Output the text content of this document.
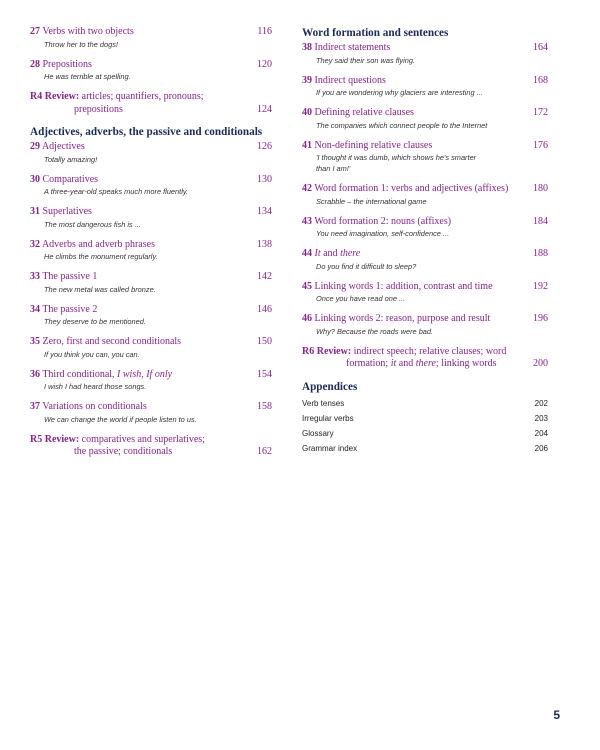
27 Verbs with two objects	116
Throw her to the dogs!
28 Prepositions	120
He was terrible at spelling.
R4 Review: articles; quantifiers, pronouns;
prepositions	124
Adjectives, adverbs, the passive and conditionals
29 Adjectives	126
Totally amazing!
30 Comparatives	130
A three-year-old speaks much more fluently.
31 Superlatives	134
The most dangerous fish is ...
32 Adverbs and adverb phrases	138
He climbs the monument regularly.
33 The passive 1	142
The new metal was called bronze.
34 The passive 2	146
They deserve to be mentioned.
35 Zero, first and second conditionals	150
If you think you can, you can.
36 Third conditional, I wish, If only	154
I wish I had heard those songs.
37 Variations on conditionals	158
We can change the world if people listen to us.
R5 Review: comparatives and superlatives;
the passive; conditionals	162
Word formation and sentences
38 Indirect statements	164
They said their son was flying.
39 Indirect questions	168
If you are wondering why glaciers are interesting ...
40 Defining relative clauses	172
The companies which connect people to the Internet
41 Non-defining relative clauses	176
'I thought it was dumb, which shows he's smarter
than I am!'
42 Word formation 1: verbs and adjectives (affixes) 180
Scrabble – the international game
43 Word formation 2: nouns (affixes)	184
You need imagination, self-confidence ...
44 It and there	188
Do you find it difficult to sleep?
45 Linking words 1: addition, contrast and time	192
Once you have read one ...
46 Linking words 2: reason, purpose and result	196
Why? Because the roads were bad.
R6 Review: indirect speech; relative clauses; word
formation; it and there; linking words	200
Appendices
Verb tenses	202
Irregular verbs	203
Glossary	204
Grammar index	206
5
